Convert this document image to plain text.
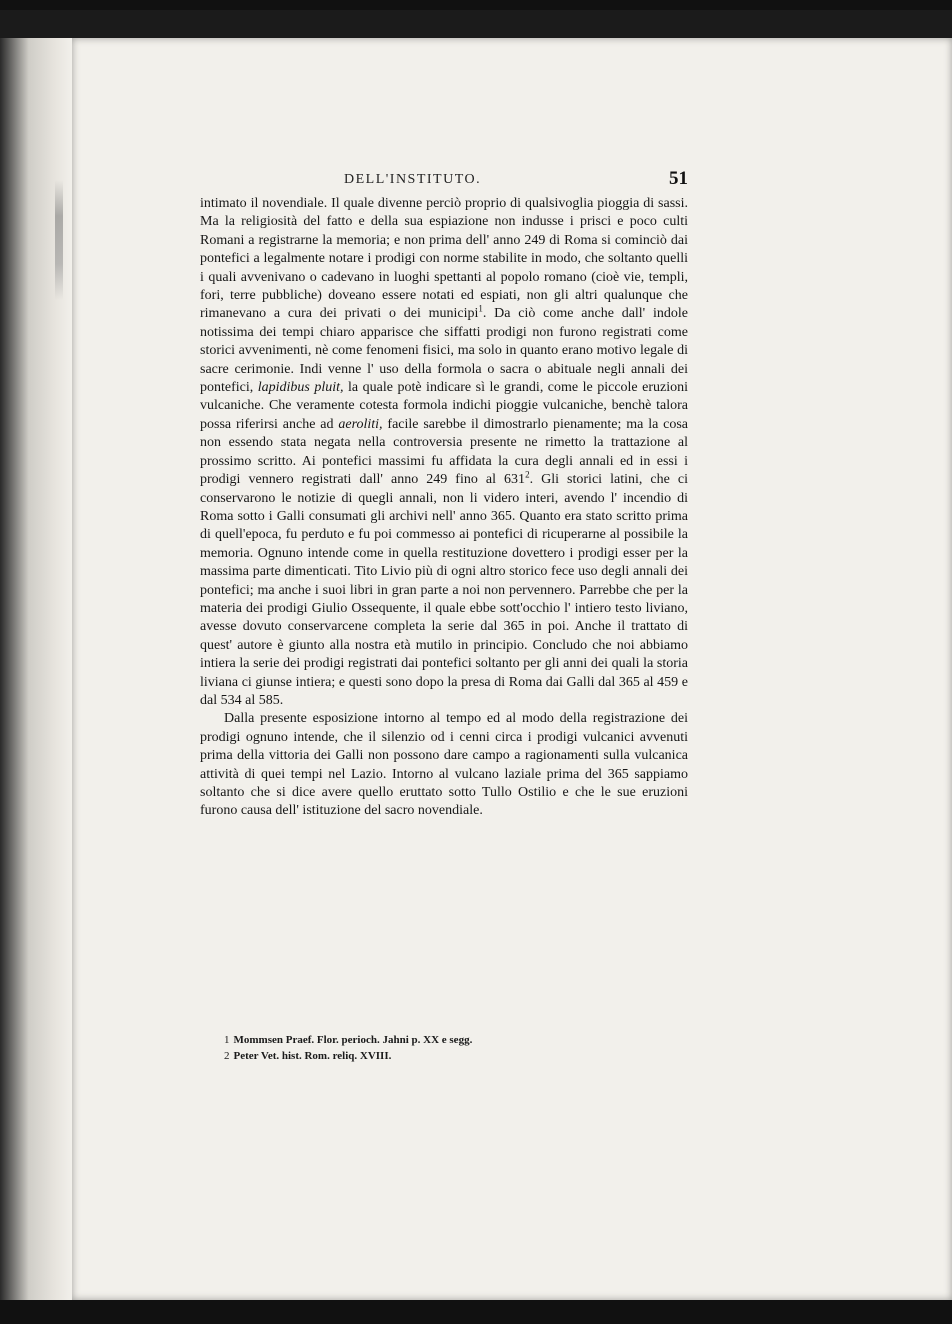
DELL'INSTITUTO.	51

intimato il novendiale. Il quale divenne perciò proprio di qualsivoglia pioggia di sassi. Ma la religiosità del fatto e della sua espiazione non indusse i prisci e poco culti Romani a registrarne la memoria; e non prima dell' anno 249 di Roma si cominciò dai pontefici a legalmente notare i prodigi con norme stabilite in modo, che soltanto quelli i quali avvenivano o cadevano in luoghi spettanti al popolo romano (cioè vie, templi, fori, terre pubbliche) doveano essere notati ed espiati, non gli altri qualunque che rimanevano a cura dei privati o dei municipi$^1$. Da ciò come anche dall' indole notissima dei tempi chiaro apparisce che siffatti prodigi non furono registrati come storici avvenimenti, nè come fenomeni fisici, ma solo in quanto erano motivo legale di sacre cerimonie. Indi venne l' uso della formola o sacra o abituale negli annali dei pontefici, lapidibus pluit, la quale potè indicare sì le grandi, come le piccole eruzioni vulcaniche. Che veramente cotesta formola indichi pioggie vulcaniche, benchè talora possa riferirsi anche ad aeroliti, facile sarebbe il dimostrarlo pienamente; ma la cosa non essendo stata negata nella controversia presente ne rimetto la trattazione al prossimo scritto. Ai pontefici massimi fu affidata la cura degli annali ed in essi i prodigi vennero registrati dall' anno 249 fino al 631$^2$. Gli storici latini, che ci conservarono le notizie di quegli annali, non li videro interi, avendo l' incendio di Roma sotto i Galli consumati gli archivi nell' anno 365. Quanto era stato scritto prima di quell'epoca, fu perduto e fu poi commesso ai pontefici di ricuperarne al possibile la memoria. Ognuno intende come in quella restituzione dovettero i prodigi esser per la massima parte dimenticati. Tito Livio più di ogni altro storico fece uso degli annali dei pontefici; ma anche i suoi libri in gran parte a noi non pervennero. Parrebbe che per la materia dei prodigi Giulio Ossequente, il quale ebbe sott'occhio l' intiero testo liviano, avesse dovuto conservarcene completa la serie dal 365 in poi. Anche il trattato di quest' autore è giunto alla nostra età mutilo in principio. Concludo che noi abbiamo intiera la serie dei prodigi registrati dai pontefici soltanto per gli anni dei quali la storia liviana ci giunse intiera; e questi sono dopo la presa di Roma dai Galli dal 365 al 459 e dal 534 al 585.

Dalla presente esposizione intorno al tempo ed al modo della registrazione dei prodigi ognuno intende, che il silenzio od i cenni circa i prodigi vulcanici avvenuti prima della vittoria dei Galli non possono dare campo a ragionamenti sulla vulcanica attività di quei tempi nel Lazio. Intorno al vulcano laziale prima del 365 sappiamo soltanto che si dice avere quello eruttato sotto Tullo Ostilio e che le sue eruzioni furono causa dell' istituzione del sacro novendiale.

1 Mommsen Praef. Flor. perioch. Jahni p. XX e segg.
2 Peter Vet. hist. Rom. reliq. XVIII.
